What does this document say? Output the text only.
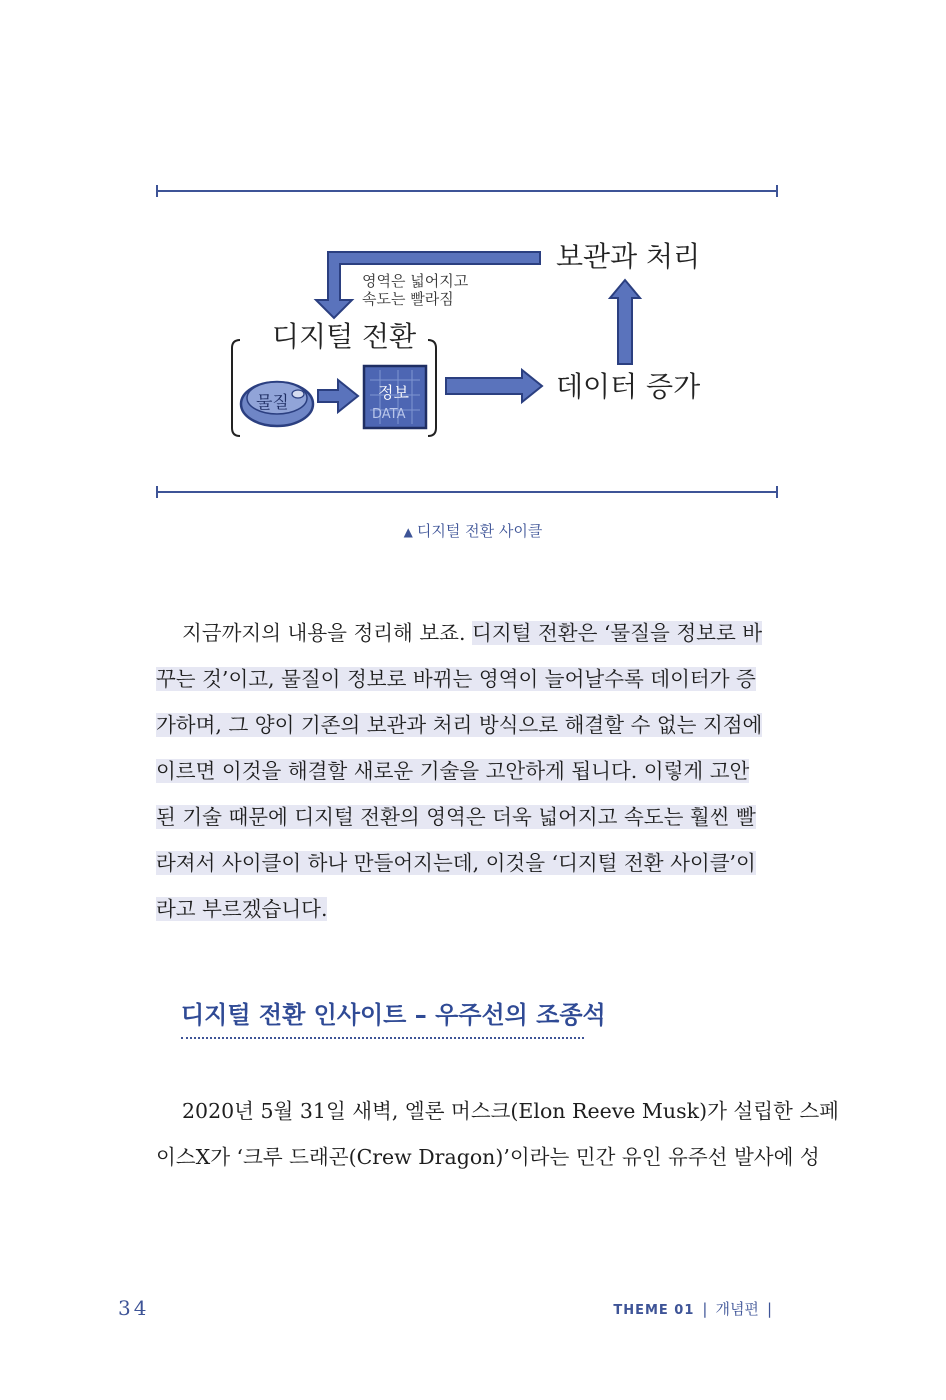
보관과 처리
영역은 넓어지고
속도는 빨라짐
디지털 전환
물질
정보
DATA
데이터 증가
▲ 디지털 전환 사이클
지금까지의 내용을 정리해 보죠. 디지털 전환은 ‘물질을 정보로 바
꾸는 것’이고, 물질이 정보로 바뀌는 영역이 늘어날수록 데이터가 증
가하며, 그 양이 기존의 보관과 처리 방식으로 해결할 수 없는 지점에
이르면 이것을 해결할 새로운 기술을 고안하게 됩니다. 이렇게 고안
된 기술 때문에 디지털 전환의 영역은 더욱 넓어지고 속도는 훨씬 빨
라져서 사이클이 하나 만들어지는데, 이것을 ‘디지털 전환 사이클’이
라고 부르겠습니다.
디지털 전환 인사이트 – 우주선의 조종석
2020년 5월 31일 새벽, 엘론 머스크(Elon Reeve Musk)가 설립한 스페
이스X가 ‘크루 드래곤(Crew Dragon)’이라는 민간 유인 유주선 발사에 성
34	THEME 01 | 개념편 |
